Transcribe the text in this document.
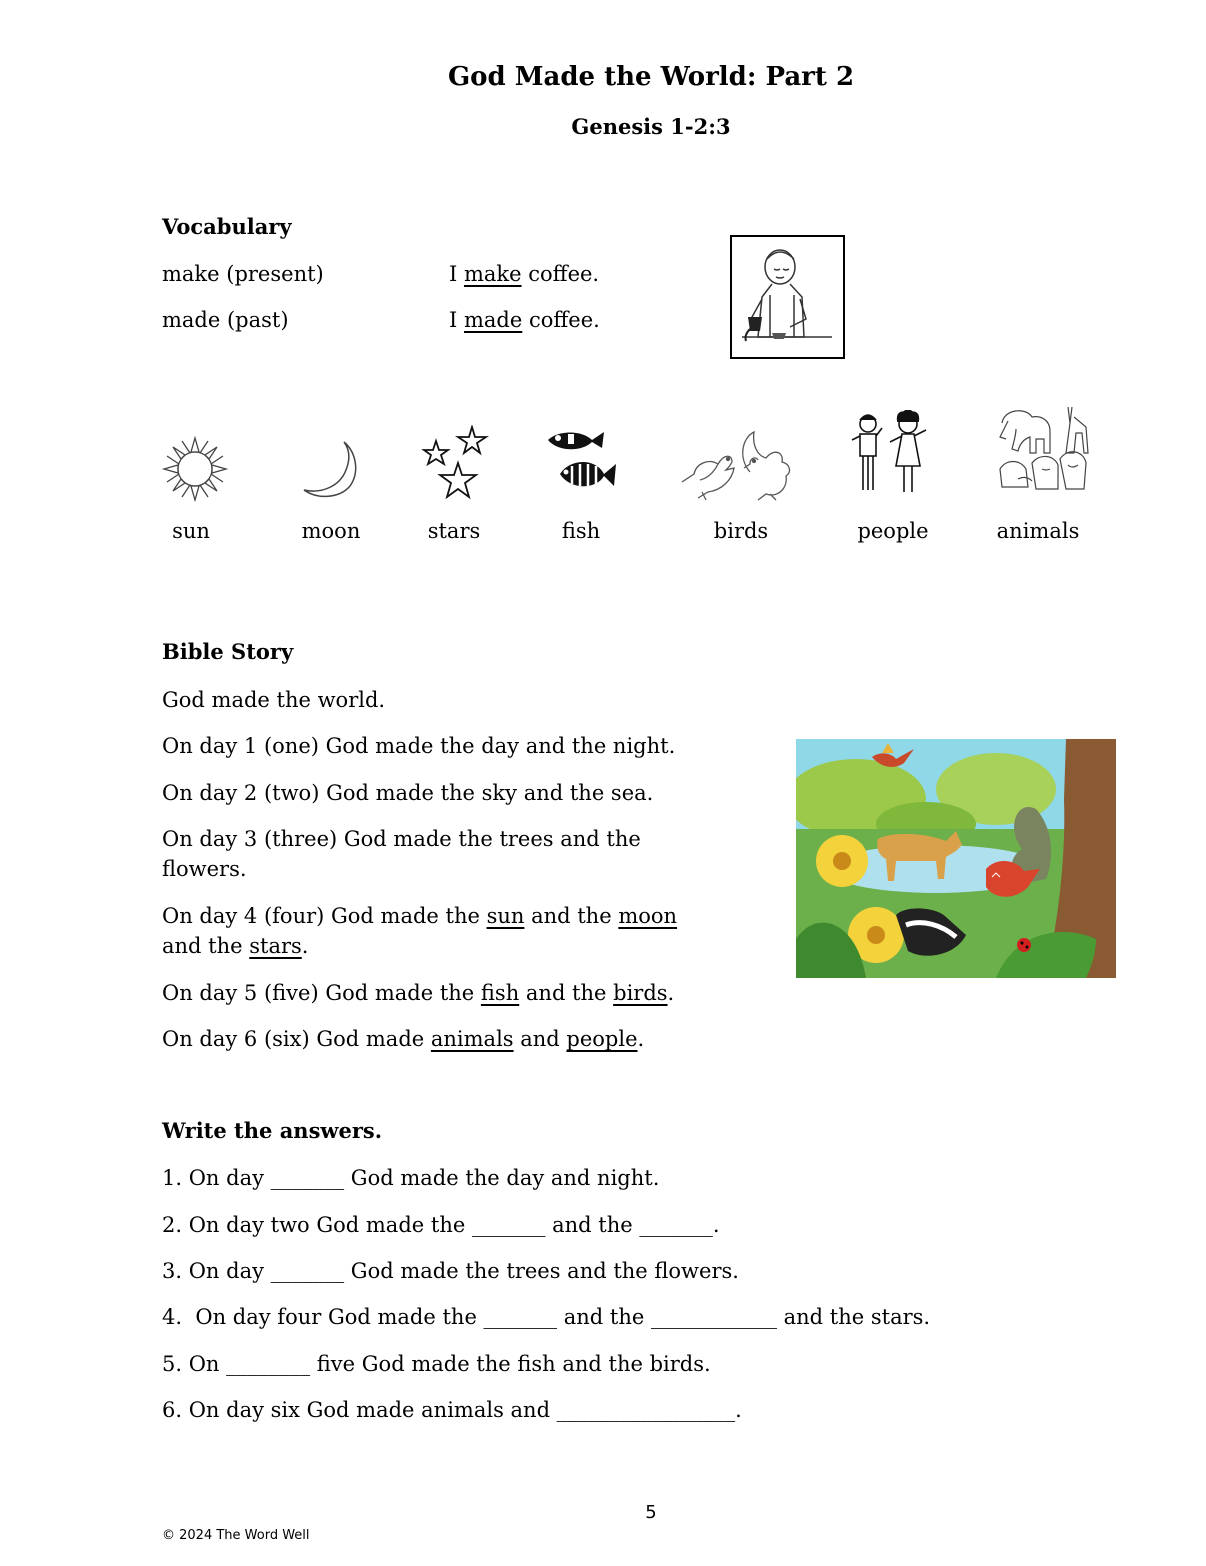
God Made the World: Part 2
Genesis 1-2:3
Vocabulary
make (present)	I make coffee.
made (past)	I made coffee.
sun	moon	stars	fish	birds	people	animals
Bible Story
God made the world.
On day 1 (one) God made the day and the night.
On day 2 (two) God made the sky and the sea.
On day 3 (three) God made the trees and the
flowers.
On day 4 (four) God made the sun and the moon
and the stars.
On day 5 (five) God made the fish and the birds.
On day 6 (six) God made animals and people.
Write the answers.
1. On day _______ God made the day and night.
2. On day two God made the _______ and the _______.
3. On day _______ God made the trees and the flowers.
4.  On day four God made the _______ and the ____________ and the stars.
5. On ________ five God made the fish and the birds.
6. On day six God made animals and _________________.
5
© 2024 The Word Well
